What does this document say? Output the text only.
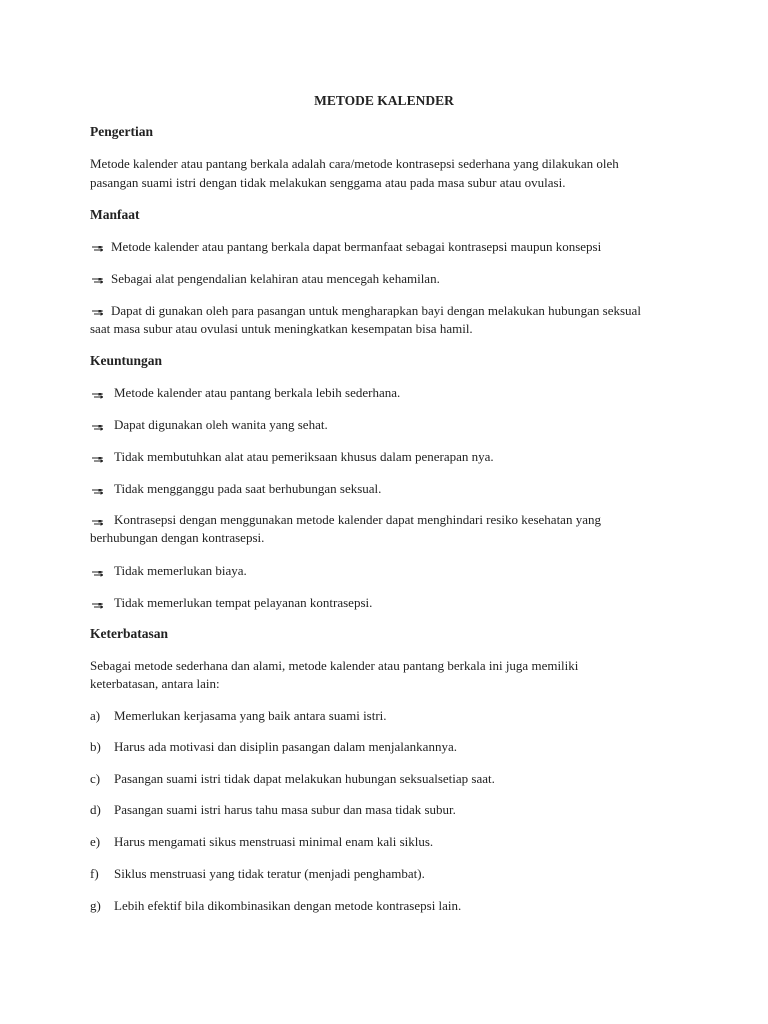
METODE KALENDER
Pengertian
Metode kalender atau pantang berkala adalah cara/metode kontrasepsi sederhana yang dilakukan oleh
pasangan suami istri dengan tidak melakukan senggama atau pada masa subur atau ovulasi.
Manfaat
Metode kalender atau pantang berkala dapat bermanfaat sebagai kontrasepsi maupun konsepsi
Sebagai alat pengendalian kelahiran atau mencegah kehamilan.
Dapat di gunakan oleh para pasangan untuk mengharapkan bayi dengan melakukan hubungan seksual
saat masa subur atau ovulasi untuk meningkatkan kesempatan bisa hamil.
Keuntungan
Metode kalender atau pantang berkala lebih sederhana.
Dapat digunakan oleh wanita yang sehat.
Tidak membutuhkan alat atau pemeriksaan khusus dalam penerapan nya.
Tidak mengganggu pada saat berhubungan seksual.
Kontrasepsi dengan menggunakan metode kalender dapat menghindari resiko kesehatan yang
berhubungan dengan kontrasepsi.
Tidak memerlukan biaya.
Tidak memerlukan tempat pelayanan kontrasepsi.
Keterbatasan
Sebagai metode sederhana dan alami, metode kalender atau pantang berkala ini juga memiliki
keterbatasan, antara lain:
a) Memerlukan kerjasama yang baik antara suami istri.
b) Harus ada motivasi dan disiplin pasangan dalam menjalankannya.
c) Pasangan suami istri tidak dapat melakukan hubungan seksualsetiap saat.
d) Pasangan suami istri harus tahu masa subur dan masa tidak subur.
e) Harus mengamati sikus menstruasi minimal enam kali siklus.
f) Siklus menstruasi yang tidak teratur (menjadi penghambat).
g) Lebih efektif bila dikombinasikan dengan metode kontrasepsi lain.
